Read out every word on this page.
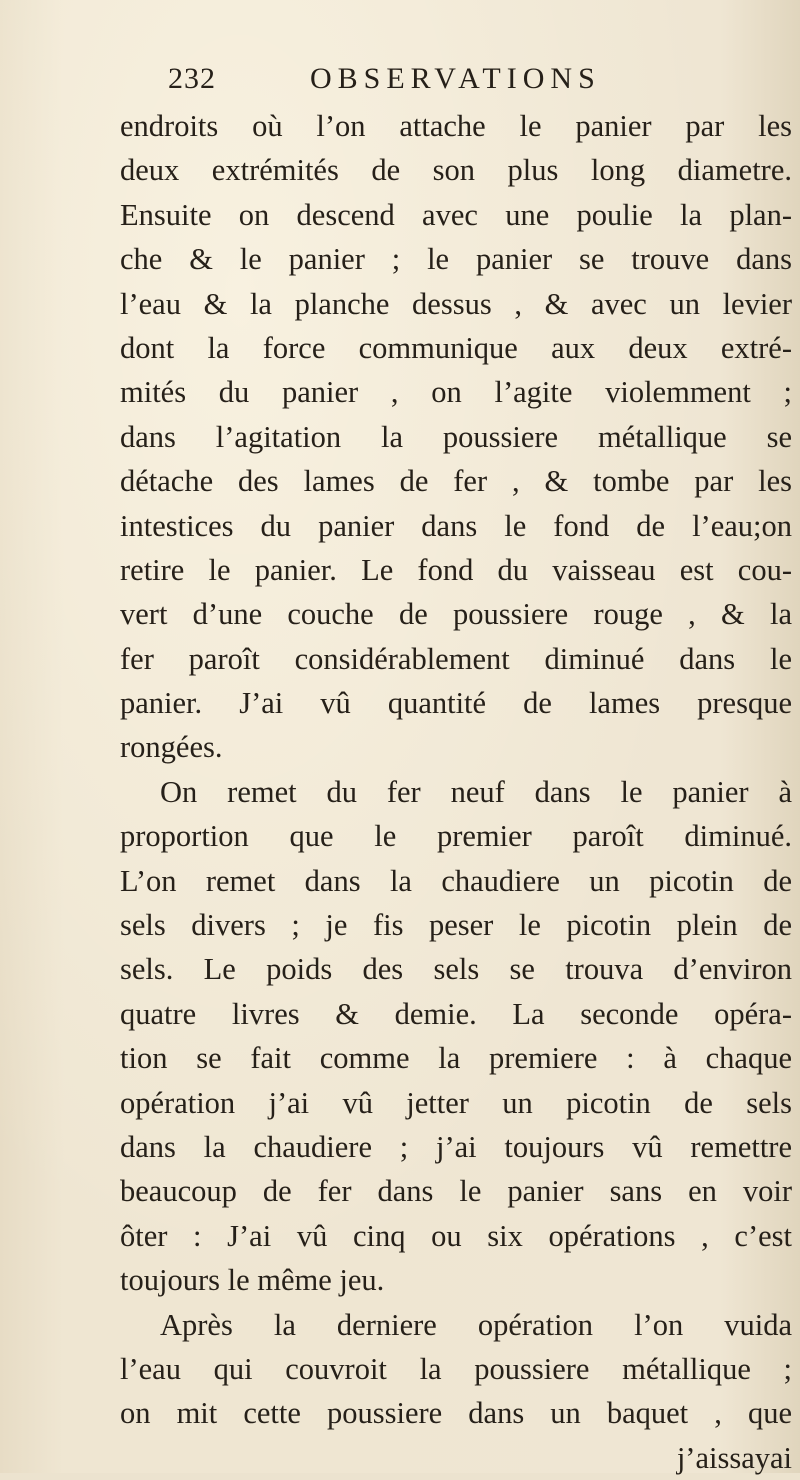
232	OBSERVATIONS
endroits où l’on attache le panier par les
deux extrémités de son plus long diametre.
Ensuite on descend avec une poulie la plan-
che & le panier ; le panier se trouve dans
l’eau & la planche dessus , & avec un levier
dont la force communique aux deux extré-
mités du panier , on l’agite violemment ;
dans l’agitation la poussiere métallique se
détache des lames de fer , & tombe par les
intestices du panier dans le fond de l’eau;on
retire le panier. Le fond du vaisseau est cou-
vert d’une couche de poussiere rouge , & la
fer paroît considérablement diminué dans le
panier. J’ai vû quantité de lames presque
rongées.
On remet du fer neuf dans le panier à
proportion que le premier paroît diminué.
L’on remet dans la chaudiere un picotin de
sels divers ; je fis peser le picotin plein de
sels. Le poids des sels se trouva d’environ
quatre livres & demie. La seconde opéra-
tion se fait comme la premiere : à chaque
opération j’ai vû jetter un picotin de sels
dans la chaudiere ; j’ai toujours vû remettre
beaucoup de fer dans le panier sans en voir
ôter : J’ai vû cinq ou six opérations , c’est
toujours le même jeu.
Après la derniere opération l’on vuida
l’eau qui couvroit la poussiere métallique ;
on mit cette poussiere dans un baquet , que
j’aissayai
